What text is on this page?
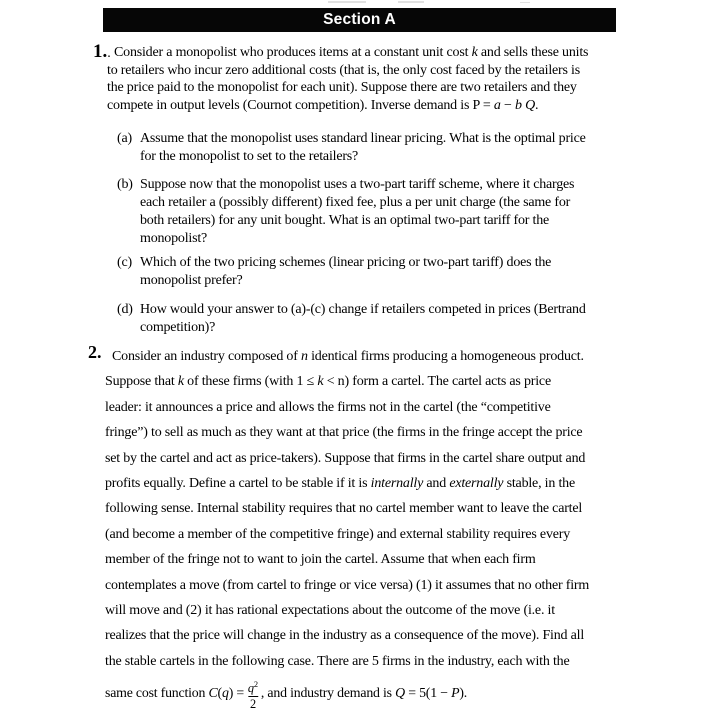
Section A
1.. Consider a monopolist who produces items at a constant unit cost k and sells these units
to retailers who incur zero additional costs (that is, the only cost faced by the retailers is
the price paid to the monopolist for each unit). Suppose there are two retailers and they
compete in output levels (Cournot competition). Inverse demand is P = a − b Q.
(a) Assume that the monopolist uses standard linear pricing. What is the optimal price
for the monopolist to set to the retailers?
(b) Suppose now that the monopolist uses a two-part tariff scheme, where it charges
each retailer a (possibly different) fixed fee, plus a per unit charge (the same for
both retailers) for any unit bought. What is an optimal two-part tariff for the
monopolist?
(c) Which of the two pricing schemes (linear pricing or two-part tariff) does the
monopolist prefer?
(d) How would your answer to (a)-(c) change if retailers competed in prices (Bertrand
competition)?
2. Consider an industry composed of n identical firms producing a homogeneous product.
Suppose that k of these firms (with 1 ≤ k < n) form a cartel. The cartel acts as price
leader: it announces a price and allows the firms not in the cartel (the “competitive
fringe”) to sell as much as they want at that price (the firms in the fringe accept the price
set by the cartel and act as price-takers). Suppose that firms in the cartel share output and
profits equally. Define a cartel to be stable if it is internally and externally stable, in the
following sense. Internal stability requires that no cartel member want to leave the cartel
(and become a member of the competitive fringe) and external stability requires every
member of the fringe not to want to join the cartel. Assume that when each firm
contemplates a move (from cartel to fringe or vice versa) (1) it assumes that no other firm
will move and (2) it has rational expectations about the outcome of the move (i.e. it
realizes that the price will change in the industry as a consequence of the move). Find all
the stable cartels in the following case. There are 5 firms in the industry, each with the
same cost function $C(q) = \frac{q^2}{2}$ , and industry demand is Q = 5(1 − P).
